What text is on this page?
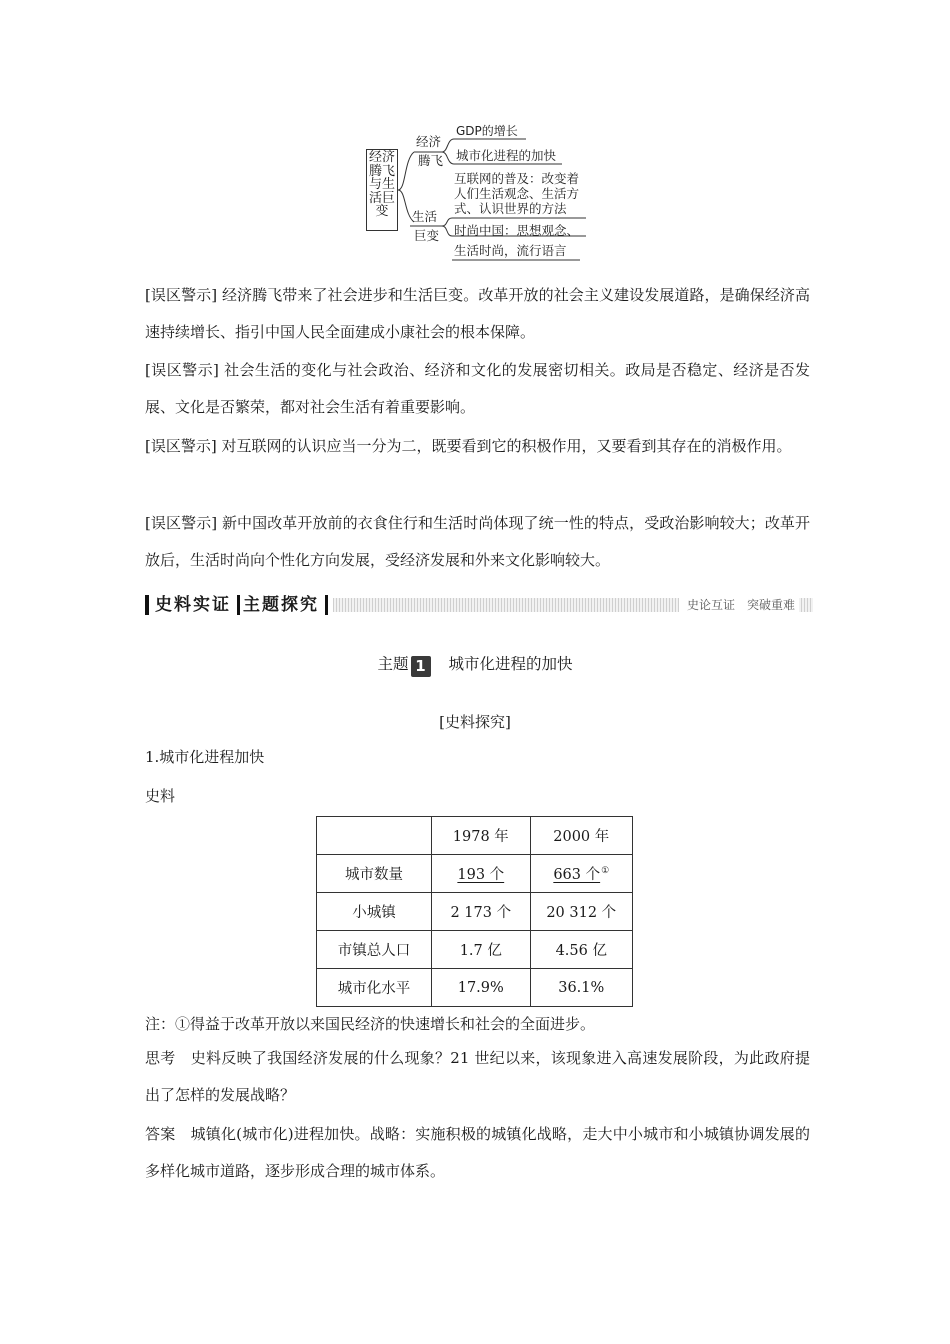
经济
腾飞
与生
活巨
变
经济
腾飞
GDP的增长
城市化进程的加快
生活
巨变
互联网的普及：改变着
人们生活观念、生活方
式、认识世界的方法
时尚中国：思想观念、
生活时尚，流行语言
[误区警示] 经济腾飞带来了社会进步和生活巨变。改革开放的社会主义建设发展道路，是确保经济高速持续增长、指引中国人民全面建成小康社会的根本保障。
[误区警示] 社会生活的变化与社会政治、经济和文化的发展密切相关。政局是否稳定、经济是否发展、文化是否繁荣，都对社会生活有着重要影响。
[误区警示] 对互联网的认识应当一分为二，既要看到它的积极作用，又要看到其存在的消极作用。
[误区警示] 新中国改革开放前的衣食住行和生活时尚体现了统一性的特点，受政治影响较大；改革开放后，生活时尚向个性化方向发展，受经济发展和外来文化影响较大。
史料实证 主题探究	史论互证　突破重难
主题 1 城市化进程的加快
[史料探究]
1.城市化进程加快
史料
	1978 年	2000 年
城市数量	193 个	663 个①
小城镇	2 173 个	20 312 个
市镇总人口	1.7 亿	4.56 亿
城市化水平	17.9%	36.1%
注：①得益于改革开放以来国民经济的快速增长和社会的全面进步。
思考　 史料反映了我国经济发展的什么现象？21 世纪以来，该现象进入高速发展阶段，为此政府提出了怎样的发展战略？
答案　 城镇化(城市化)进程加快。战略：实施积极的城镇化战略，走大中小城市和小城镇协调发展的多样化城市道路，逐步形成合理的城市体系。
